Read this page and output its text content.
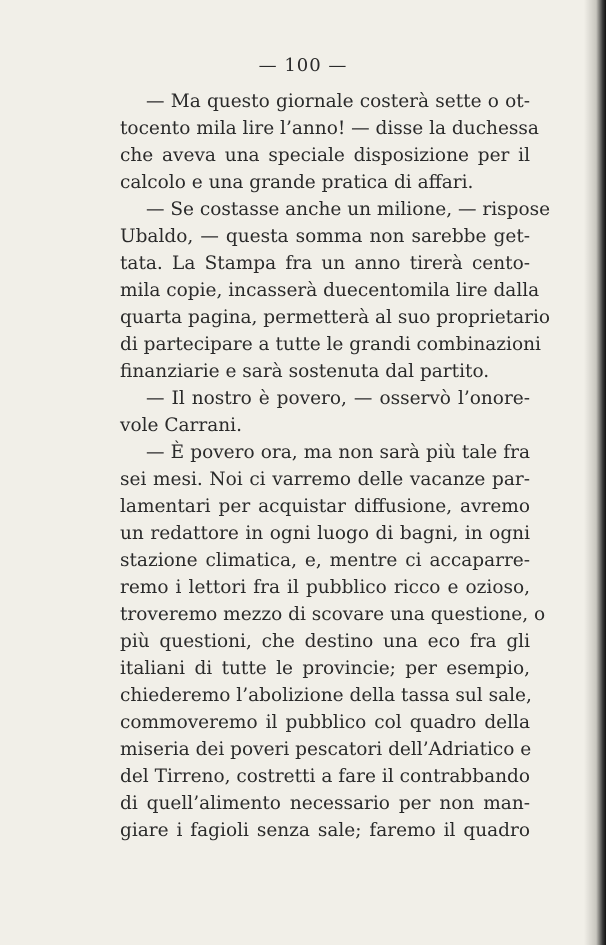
— 100 —
— Ma questo giornale costerà sette o ot-
tocento mila lire l’anno! — disse la duchessa
che aveva una speciale disposizione per il
calcolo e una grande pratica di affari.
— Se costasse anche un milione, — rispose
Ubaldo, — questa somma non sarebbe get-
tata. La Stampa fra un anno tirerà cento-
mila copie, incasserà duecentomila lire dalla
quarta pagina, permetterà al suo proprietario
di partecipare a tutte le grandi combinazioni
finanziarie e sarà sostenuta dal partito.
— Il nostro è povero, — osservò l’onore-
vole Carrani.
— È povero ora, ma non sarà più tale fra
sei mesi. Noi ci varremo delle vacanze par-
lamentari per acquistar diffusione, avremo
un redattore in ogni luogo di bagni, in ogni
stazione climatica, e, mentre ci accaparre-
remo i lettori fra il pubblico ricco e ozioso,
troveremo mezzo di scovare una questione, o
più questioni, che destino una eco fra gli
italiani di tutte le provincie; per esempio,
chiederemo l’abolizione della tassa sul sale,
commoveremo il pubblico col quadro della
miseria dei poveri pescatori dell’Adriatico e
del Tirreno, costretti a fare il contrabbando
di quell’alimento necessario per non man-
giare i fagioli senza sale; faremo il quadro
